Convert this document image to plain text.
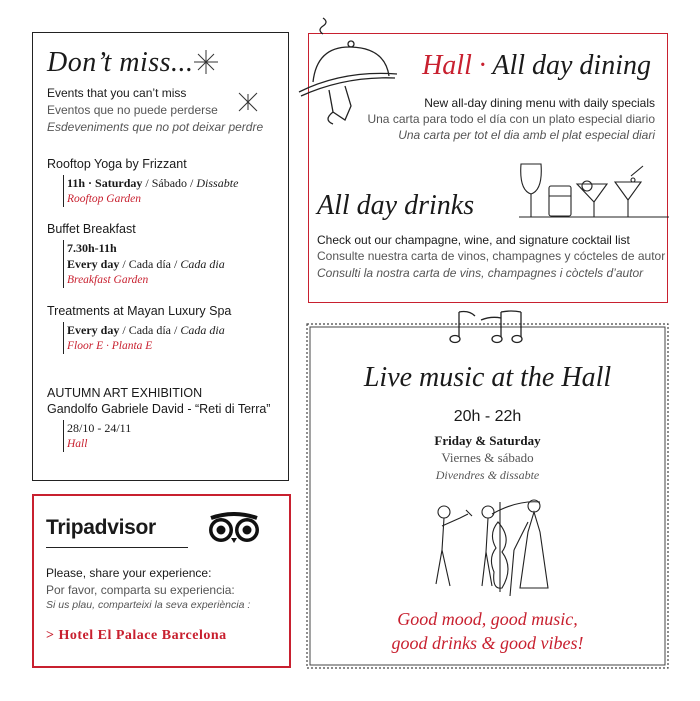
Don’t miss...
Events that you can’t miss
Eventos que no puede perderse
Esdeveniments que no pot deixar perdre
Rooftop Yoga by Frizzant
11h · Saturday / Sábado / Dissabte
Rooftop Garden
Buffet Breakfast
7.30h-11h
Every day / Cada día / Cada dia
Breakfast Garden
Treatments at Mayan Luxury Spa
Every day / Cada día / Cada dia
Floor E · Planta E
AUTUMN ART EXHIBITION
Gandolfo Gabriele David - “Reti di Terra”
28/10 - 24/11
Hall
Tripadvisor
Please, share your experience:
Por favor, comparta su experiencia:
Si us plau, comparteixi la seva experiència :
> Hotel El Palace Barcelona
Hall · All day dining
New all-day dining menu with daily specials
Una carta para todo el día con un plato especial diario
Una carta per tot el dia amb el plat especial diari
All day drinks
Check out our champagne, wine, and signature cocktail list
Consulte nuestra carta de vinos, champagnes y cócteles de autor
Consulti la nostra carta de vins, champagnes i còctels d’autor
Live music at the Hall
20h - 22h
Friday & Saturday
Viernes & sábado
Divendres & dissabte
Good mood, good music,
good drinks & good vibes!
